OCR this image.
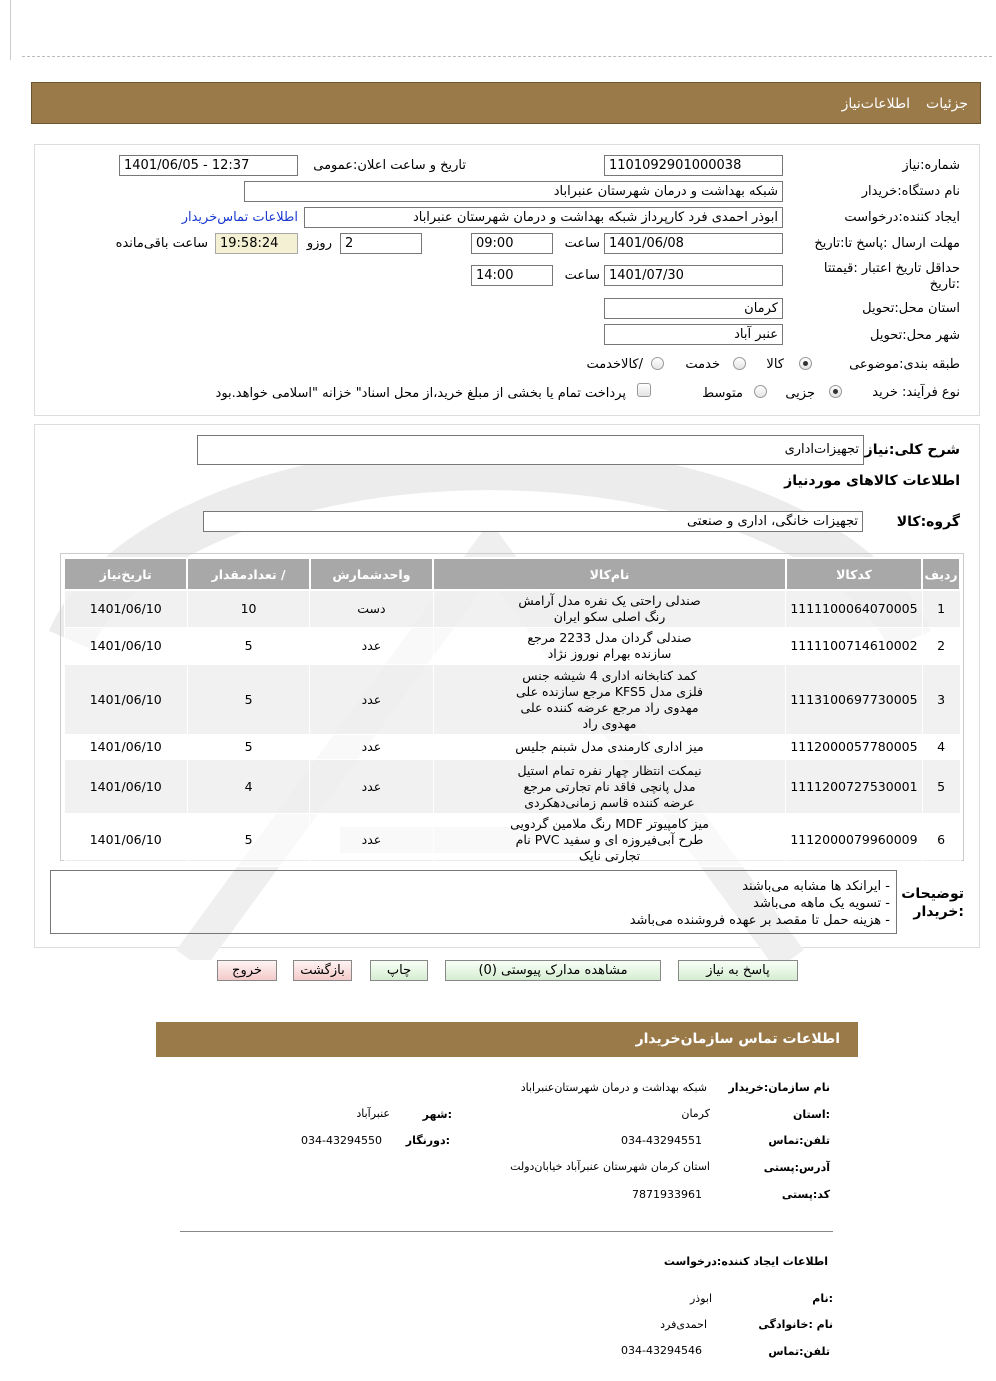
جزئیات
اطلاعات‌نیاز
شماره:نیاز
1101092901000038
تاریخ و ساعت اعلان:عمومی
1401/06/05 - 12:37
نام دستگاه:خریدار
شبکه بهداشت و درمان شهرستان عنبراباد
ایجاد کننده:درخواست
ابوذر احمدی فرد کارپرداز شبکه بهداشت و درمان شهرستان عنبراباد
اطلاعات تماس‌خریدار
مهلت ارسال :پاسخ تا:تاریخ
1401/06/08
ساعت
09:00
2
روزو
19:58:24
ساعت باقی‌مانده
حداقل تاریخ اعتبار :قیمتتا
:تاریخ
1401/07/30
ساعت
14:00
استان محل:تحویل
کرمان
شهر محل:تحویل
عنبر آباد
طبقه بندی:موضوعی
کالا
خدمت
/کالاخدمت
نوع فرآیند: خرید
جزیی
متوسط
پرداخت تمام یا بخشی از مبلغ خرید،از محل اسناد" خزانه "اسلامی خواهد.بود
شرح کلی:نیاز
تجهیزات‌اداری
اطلاعات کالاهای موردنیاز
گروه:کالا
تجهیزات خانگی، اداری و صنعتی
ردیف	کدکالا	نام‌کالا	واحدشمارش	/ تعدادمقدار	تاریخ‌نیاز
1	1111100064070005	صندلی راحتی یک نفره مدل آرامش رنگ اصلی سکو ایران	دست	10	1401/06/10
2	1111100714610002	صندلی گردان مدل 2233 مرجع سازنده بهرام نوروز نژاد	عدد	5	1401/06/10
3	1113100697730005	کمد کتابخانه اداری 4 شیشه جنس فلزی مدل KFS5 مرجع سازنده علی مهدوی راد مرجع عرضه کننده علی مهدوی راد	عدد	5	1401/06/10
4	1112000057780005	میز اداری کارمندی مدل شبنم جلیس	عدد	5	1401/06/10
5	1111200727530001	نیمکت انتظار چهار نفره تمام استیل مدل پانچی فاقد نام تجارتی مرجع عرضه کننده قاسم زمانی‌دهکردی	عدد	4	1401/06/10
6	1112000079960009	میز کامپیوتر MDF رنگ ملامین گردویی طرح آبی‌فیروزه ای و سفید PVC نام تجارتی نایک	عدد	5	1401/06/10
توضیحات
:خریدار
- ایرانکد ها مشابه می‌باشند
- تسویه یک ماهه می‌باشد
- هزینه حمل تا مقصد بر عهده فروشنده می‌باشد
پاسخ به نیاز
مشاهده مدارک پیوستی (0)
چاپ
بازگشت
خروج
اطلاعات تماس سازمان‌خریدار
نام سازمان:خریدار
شبکه بهداشت و درمان شهرستان‌عنبراباد
:استان
کرمان
:شهر
عنبرآباد
تلفن:تماس
034-43294551
:دورنگار
034-43294550
آدرس:پستی
استان کرمان شهرستان عنبرآباد خیابان‌دولت
کد:پستی
7871933961
اطلاعات ایجاد کننده:درخواست
:نام
ابوذر
نام :خانوادگی
احمدی‌فرد
تلفن:تماس
034-43294546
